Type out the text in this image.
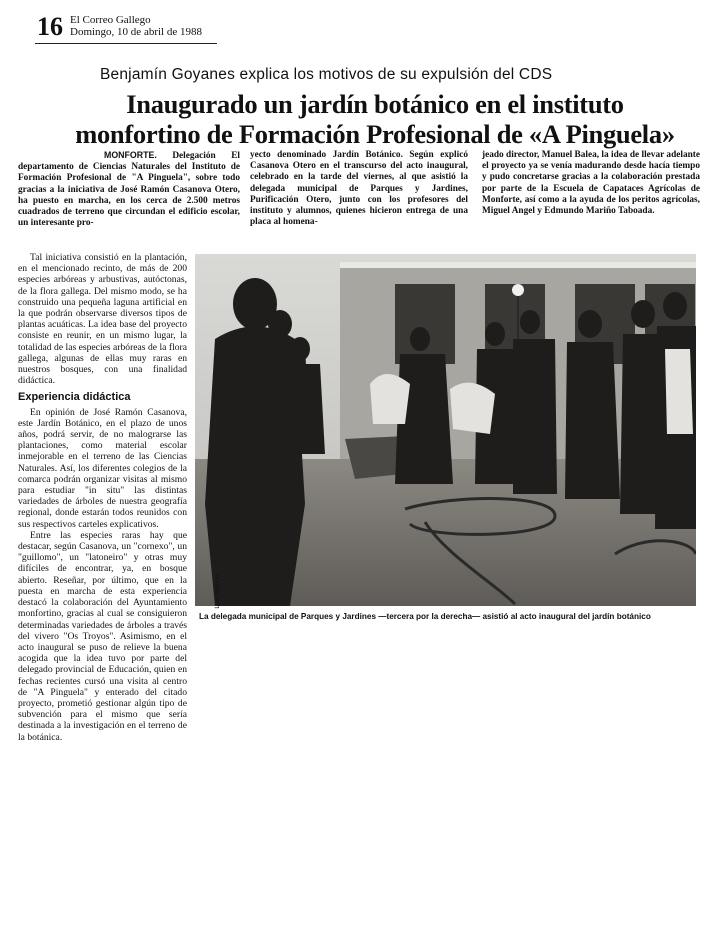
16 El Correo Gallego
Domingo, 10 de abril de 1988
Benjamín Goyanes explica los motivos de su expulsión del CDS
Inaugurado un jardín botánico en el instituto
monfortino de Formación Profesional de «A Pinguela»
MONFORTE. Delegación El departamento de Ciencias Naturales del Instituto de Formación Profesional de "A Pinguela", sobre todo gracias a la iniciativa de José Ramón Casanova Otero, ha puesto en marcha, en los cerca de 2.500 metros cuadrados de terreno que circundan el edificio escolar, un interesante pro-
yecto denominado Jardín Botánico. Según explicó Casanova Otero en el transcurso del acto inaugural, celebrado en la tarde del viernes, al que asistió la delegada municipal de Parques y Jardines, Purificación Otero, junto con los profesores del instituto y alumnos, quienes hicieron entrega de una placa al homena-
jeado director, Manuel Balea, la idea de llevar adelante el proyecto ya se venía madurando desde hacía tiempo y pudo concretarse gracias a la colaboración prestada por parte de la Escuela de Capataces Agrícolas de Monforte, así como a la ayuda de los peritos agrícolas, Miguel Angel y Edmundo Mariño Taboada.

Tal iniciativa consistió en la plantación, en el mencionado recinto, de más de 200 especies arbóreas y arbustivas, autóctonas, de la flora gallega. Del mismo modo, se ha construido una pequeña laguna artificial en la que podrán observarse diversos tipos de plantas acuáticas. La idea base del proyecto consiste en reunir, en un mismo lugar, la totalidad de las especies arbóreas de la flora gallega, algunas de ellas muy raras en nuestros bosques, con una finalidad didáctica.

Experiencia didáctica

En opinión de José Ramón Casanova, este Jardín Botánico, en el plazo de unos años, podrá servir, de no malograrse las plantaciones, como material escolar inmejorable en el terreno de las Ciencias Naturales. Así, los diferentes colegios de la comarca podrán organizar visitas al mismo para estudiar "in situ" las distintas variedades de árboles de nuestra geografía regional, donde estarán todos reunidos con sus respectivos carteles explicativos.

Entre las especies raras hay que destacar, según Casanova, un "cornexo", un "guillomo", un "latoneiro" y otras muy difíciles de encontrar, ya, en bosque abierto. Reseñar, por último, que en la puesta en marcha de esta experiencia destacó la colaboración del Ayuntamiento monfortino, gracias al cual se consiguieron determinadas variedades de árboles a través del vivero "Os Troyos". Asimismo, en el acto inaugural se puso de relieve la buena acogida que la idea tuvo por parte del delegado provincial de Educación, quien en fechas recientes cursó una visita al centro de "A Pinguela" y enterado del citado proyecto, prometió gestionar algún tipo de subvención para el mismo que sería destinada a la investigación en el terreno de la botánica.

Luis Blanco
La delegada municipal de Parques y Jardines —tercera por la derecha— asistió al acto inaugural del jardín botánico
